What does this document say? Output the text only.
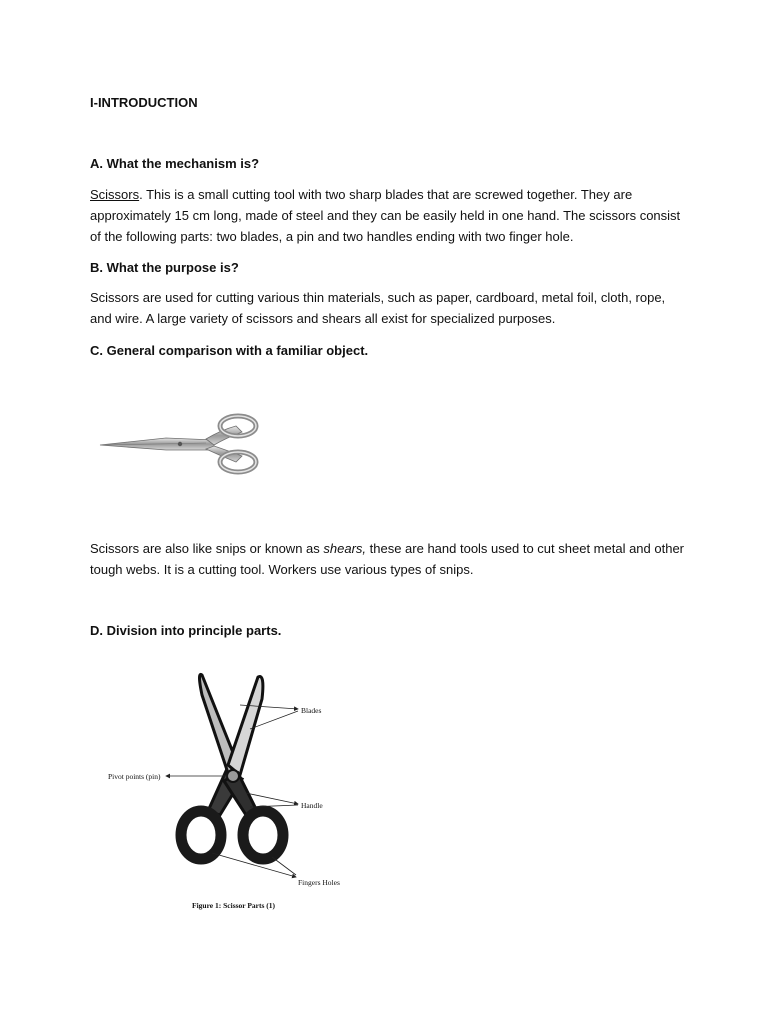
I-INTRODUCTION

A. What the mechanism is?

Scissors. This is a small cutting tool with two sharp blades that are screwed together. They are approximately 15 cm long, made of steel and they can be easily held in one hand. The scissors consist of the following parts: two blades, a pin and two handles ending with two finger hole.

B. What the purpose is?

Scissors are used for cutting various thin materials, such as paper, cardboard, metal foil, cloth, rope, and wire. A large variety of scissors and shears all exist for specialized purposes.

C. General comparison with a familiar object.

Scissors are also like snips or known as shears, these are hand tools used to cut sheet metal and other tough webs. It is a cutting tool. Workers use various types of snips.

D. Division into principle parts.

Blades
Pivot points (pin)
Handle
Fingers Holes
Figure 1: Scissor Parts (1)
